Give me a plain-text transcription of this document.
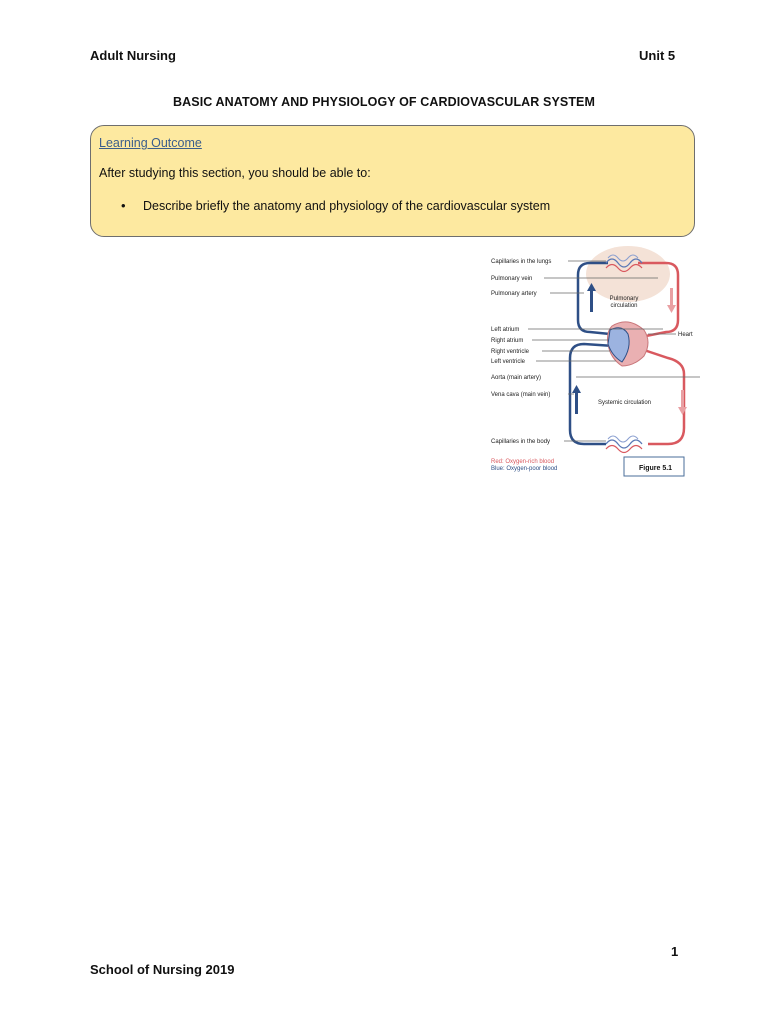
Adult Nursing	Unit 5
BASIC ANATOMY AND PHYSIOLOGY OF CARDIOVASCULAR SYSTEM
Learning Outcome
After studying this section, you should be able to:
• Describe briefly the anatomy and physiology of the cardiovascular system
Capillaries in the lungs
Pulmonary vein
Pulmonary artery
Pulmonary
circulation
Left atrium
Right atrium
Right ventricle
Left ventricle
Heart
Aorta (main artery)
Vena cava (main vein)
Systemic circulation
Capillaries in the body
Red: Oxygen-rich blood
Blue: Oxygen-poor blood	Figure 5.1
1
School of Nursing 2019
